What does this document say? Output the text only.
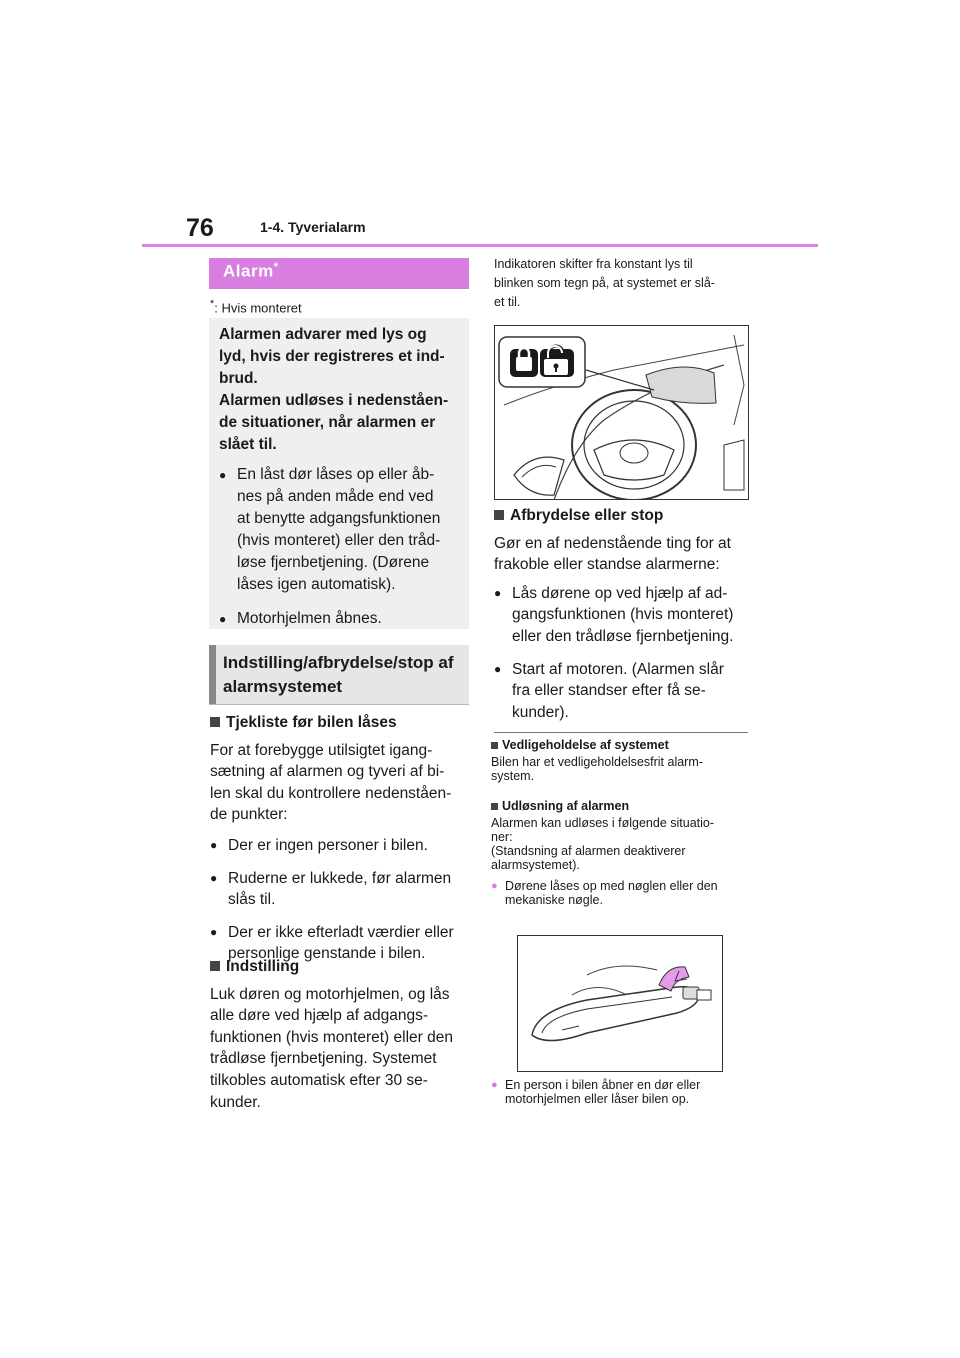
76	1-4. Tyverialarm
Alarm*
*: Hvis monteret
Alarmen advarer med lys og
lyd, hvis der registreres et ind-
brud.
Alarmen udløses i nedenståen-
de situationer, når alarmen er
slået til.
● En låst dør låses op eller åb-
nes på anden måde end ved
at benytte adgangsfunktionen
(hvis monteret) eller den tråd-
løse fjernbetjening. (Dørene
låses igen automatisk).
● Motorhjelmen åbnes.
Indstilling/afbrydelse/stop af
alarmsystemet
Tjekliste før bilen låses
For at forebygge utilsigtet igang-
sætning af alarmen og tyveri af bi-
len skal du kontrollere nedenståen-
de punkter:
● Der er ingen personer i bilen.
● Ruderne er lukkede, før alarmen
slås til.
● Der er ikke efterladt værdier eller
personlige genstande i bilen.
Indstilling
Luk døren og motorhjelmen, og lås
alle døre ved hjælp af adgangs-
funktionen (hvis monteret) eller den
trådløse fjernbetjening. Systemet
tilkobles automatisk efter 30 se-
kunder.
Indikatoren skifter fra konstant lys til
blinken som tegn på, at systemet er slå-
et til.
Afbrydelse eller stop
Gør en af nedenstående ting for at
frakoble eller standse alarmerne:
● Lås dørene op ved hjælp af ad-
gangsfunktionen (hvis monteret)
eller den trådløse fjernbetjening.
● Start af motoren. (Alarmen slår
fra eller standser efter få se-
kunder).
Vedligeholdelse af systemet
Bilen har et vedligeholdelsesfrit alarm-
system.
Udløsning af alarmen
Alarmen kan udløses i følgende situatio-
ner:
(Standsning af alarmen deaktiverer
alarmsystemet).
● Dørene låses op med nøglen eller den
mekaniske nøgle.
● En person i bilen åbner en dør eller
motorhjelmen eller låser bilen op.
